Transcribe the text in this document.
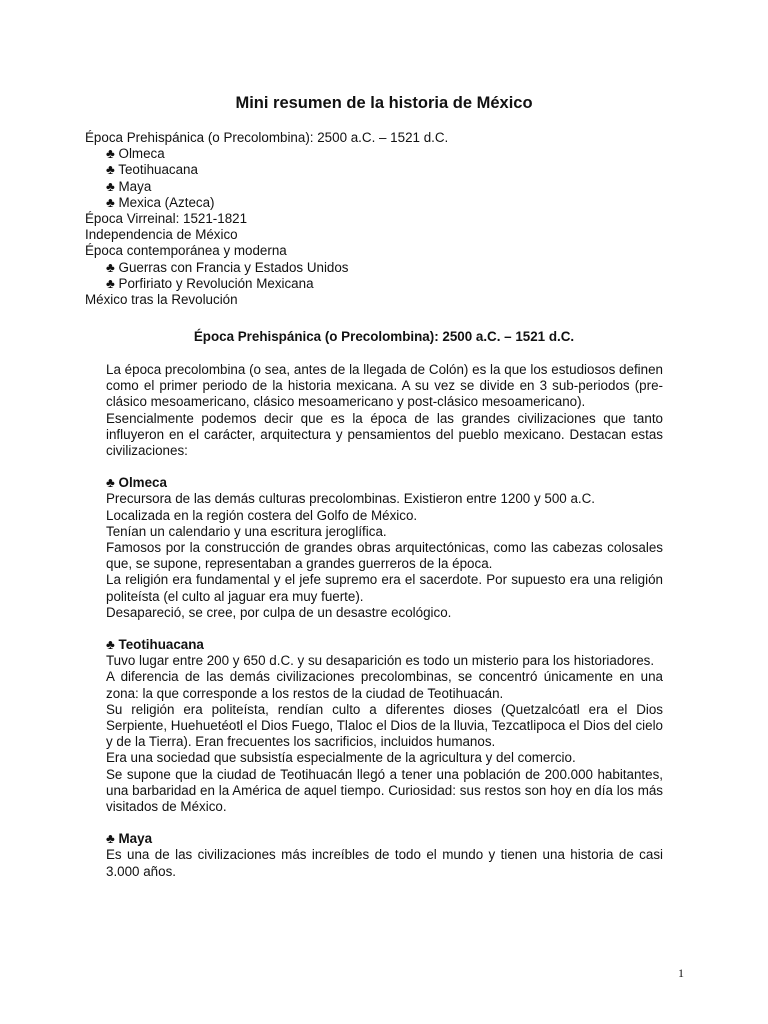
Mini resumen de la historia de México
Época Prehispánica (o Precolombina): 2500 a.C. – 1521 d.C.
♣ Olmeca
♣ Teotihuacana
♣ Maya
♣ Mexica (Azteca)
Época Virreinal: 1521-1821
Independencia de México
Época contemporánea y moderna
♣ Guerras con Francia y Estados Unidos
♣ Porfiriato y Revolución Mexicana
México tras la Revolución
Época Prehispánica (o Precolombina): 2500 a.C. – 1521 d.C.

La época precolombina (o sea, antes de la llegada de Colón) es la que los estudiosos definen como el primer periodo de la historia mexicana. A su vez se divide en 3 sub-periodos (pre-clásico mesoamericano, clásico mesoamericano y post-clásico mesoamericano).

Esencialmente podemos decir que es la época de las grandes civilizaciones que tanto influyeron en el carácter, arquitectura y pensamientos del pueblo mexicano. Destacan estas civilizaciones:

♣ Olmeca

Precursora de las demás culturas precolombinas. Existieron entre 1200 y 500 a.C.

Localizada en la región costera del Golfo de México.

Tenían un calendario y una escritura jeroglífica.

Famosos por la construcción de grandes obras arquitectónicas, como las cabezas colosales que, se supone, representaban a grandes guerreros de la época.

La religión era fundamental y el jefe supremo era el sacerdote. Por supuesto era una religión politeísta (el culto al jaguar era muy fuerte).

Desapareció, se cree, por culpa de un desastre ecológico.

♣ Teotihuacana

Tuvo lugar entre 200 y 650 d.C. y su desaparición es todo un misterio para los historiadores.

A diferencia de las demás civilizaciones precolombinas, se concentró únicamente en una zona: la que corresponde a los restos de la ciudad de Teotihuacán.

Su religión era politeísta, rendían culto a diferentes dioses (Quetzalcóatl era el Dios Serpiente, Huehuetéotl el Dios Fuego, Tlaloc el Dios de la lluvia, Tezcatlipoca el Dios del cielo y de la Tierra). Eran frecuentes los sacrificios, incluidos humanos.

Era una sociedad que subsistía especialmente de la agricultura y del comercio.

Se supone que la ciudad de Teotihuacán llegó a tener una población de 200.000 habitantes, una barbaridad en la América de aquel tiempo. Curiosidad: sus restos son hoy en día los más visitados de México.

♣ Maya

Es una de las civilizaciones más increíbles de todo el mundo y tienen una historia de casi 3.000 años.

1
